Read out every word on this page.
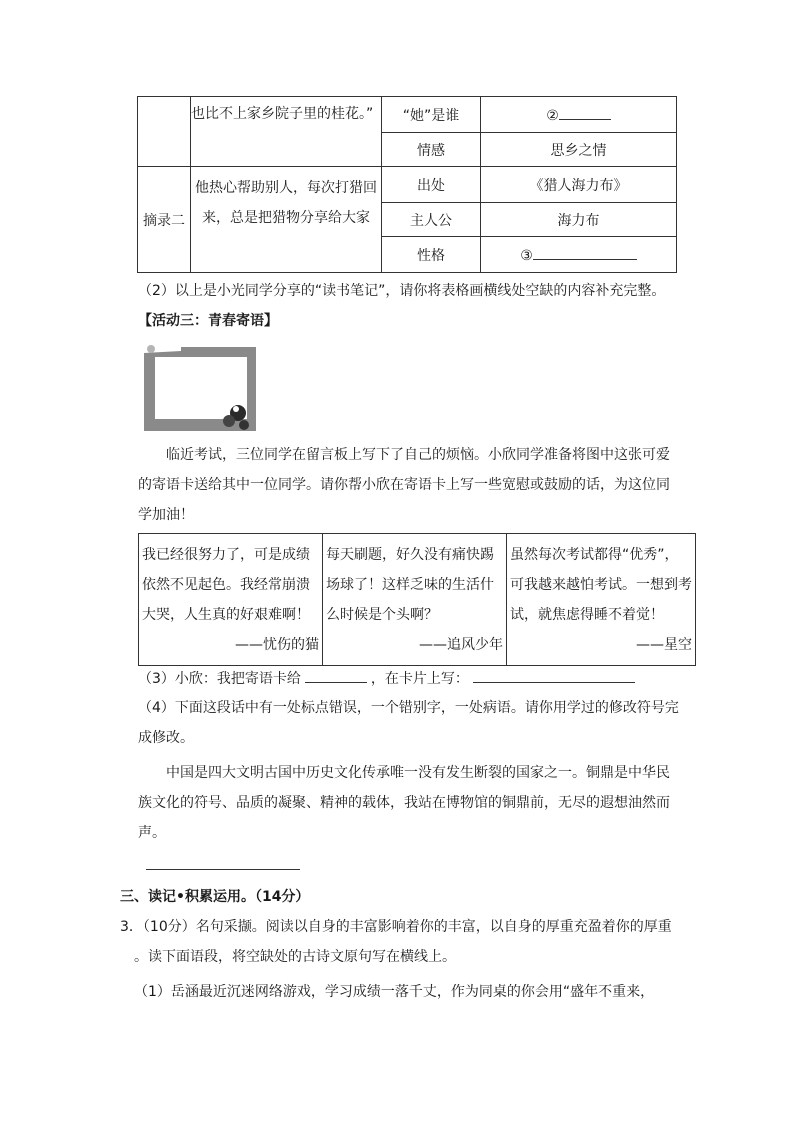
	也比不上家乡院子里的桂花。”	“她”是谁	②
		情感	思乡之情
摘录二	他热心帮助别人，每次打猎回
来，总是把猎物分享给大家	出处	《猎人海力布》
		主人公	海力布
		性格	③
（2）以上是小光同学分享的“读书笔记”，请你将表格画横线处空缺的内容补充完整。
【活动三：青春寄语】
临近考试，三位同学在留言板上写下了自己的烦恼。小欣同学准备将图中这张可爱
的寄语卡送给其中一位同学。请你帮小欣在寄语卡上写一些宽慰或鼓励的话，为这位同
学加油！
我已经很努力了，可是成绩
依然不见起色。我经常崩溃
大哭，人生真的好艰难啊！
——忧伤的猫

每天刷题，好久没有痛快踢
场球了！这样乏味的生活什
么时候是个头啊？
——追风少年

虽然每次考试都得“优秀”，
可我越来越怕考试。一想到考
试，就焦虑得睡不着觉！
——星空
（3）小欣：我把寄语卡给	，在卡片上写：
（4）下面这段话中有一处标点错误，一个错别字，一处病语。请你用学过的修改符号完
成修改。
中国是四大文明古国中历史文化传承唯一没有发生断裂的国家之一。铜鼎是中华民
族文化的符号、品质的凝聚、精神的载体，我站在博物馆的铜鼎前，无尽的遐想油然而
声。
三、读记•积累运用。（14分）
3．（10分）名句采撷。阅读以自身的丰富影响着你的丰富，以自身的厚重充盈着你的厚重
。读下面语段，将空缺处的古诗文原句写在横线上。
（1）岳涵最近沉迷网络游戏，学习成绩一落千丈，作为同桌的你会用“盛年不重来，
